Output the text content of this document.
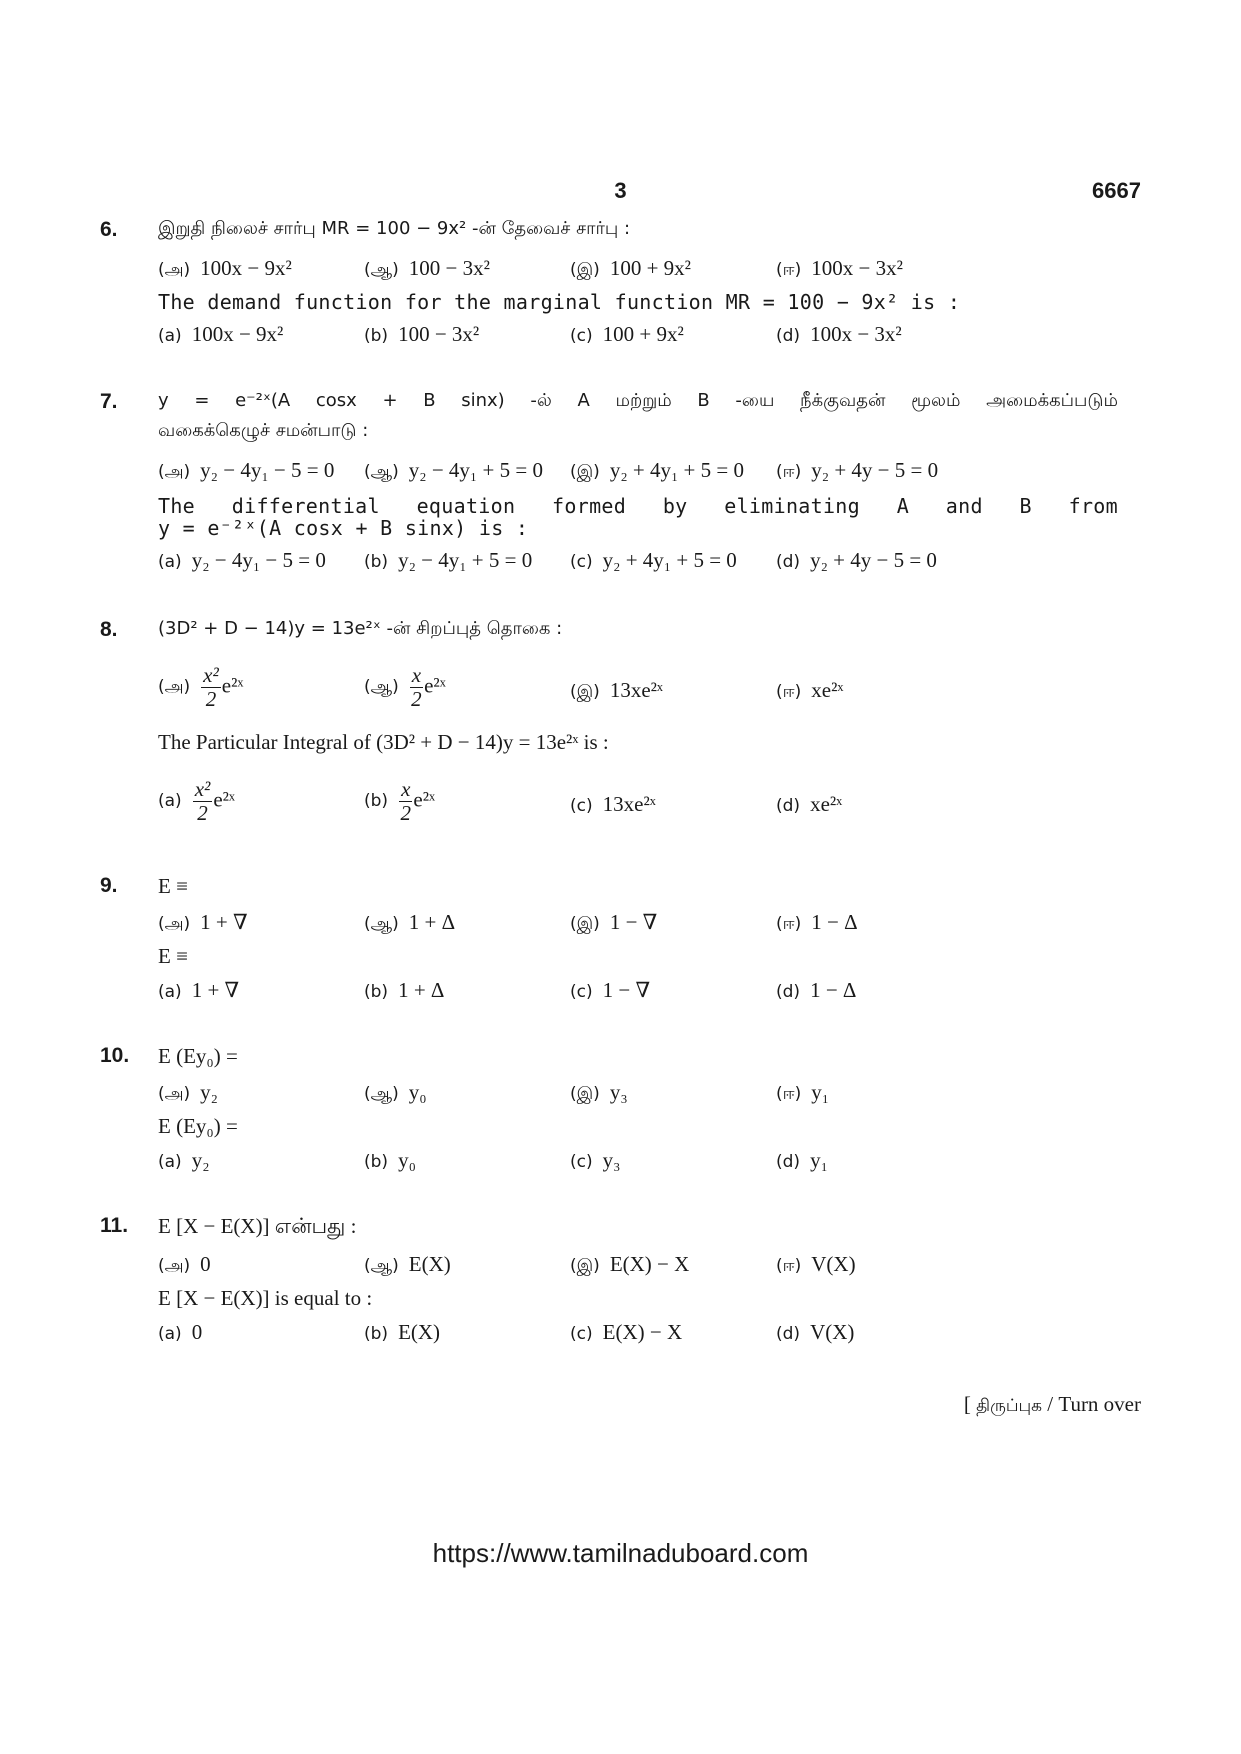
3	6667
6. இறுதி நிலைச் சார்பு MR = 100 − 9x² -ன் தேவைச் சார்பு :
(அ) 100x − 9x²	(ஆ) 100 − 3x²	(இ) 100 + 9x²	(ஈ) 100x − 3x²
The demand function for the marginal function MR = 100 − 9x² is :
(a) 100x − 9x²	(b) 100 − 3x²	(c) 100 + 9x²	(d) 100x − 3x²
7. y = e⁻²ˣ(A cosx + B sinx) -ல் A மற்றும் B -யை நீக்குவதன் மூலம் அமைக்கப்படும்
வகைக்கெழுச் சமன்பாடு :
(அ) y₂ − 4y₁ − 5 = 0 (ஆ) y₂ − 4y₁ + 5 = 0 (இ) y₂ + 4y₁ + 5 = 0 (ஈ) y₂ + 4y − 5 = 0
The differential equation formed by eliminating A and B from
y = e⁻²ˣ(A cosx + B sinx) is :
(a) y₂ − 4y₁ − 5 = 0 (b) y₂ − 4y₁ + 5 = 0 (c) y₂ + 4y₁ + 5 = 0 (d) y₂ + 4y − 5 = 0
8. (3D² + D − 14)y = 13e²ˣ -ன் சிறப்புத் தொகை :
(அ) $\frac{\text{x²}}{2}$ e²ˣ	(ஆ) $\frac{x}{2}$ e²ˣ	(இ) 13xe²ˣ	(ஈ) xe²ˣ
The Particular Integral of (3D² + D − 14)y = 13e²ˣ is :
$(a) \frac{\text{x²}}{2}$ e²ˣ	$(b) \frac{x}{2}$ e²ˣ	(c) 13xe²ˣ	(d) xe²ˣ
9. E ≡
(அ) 1 + ∇	(ஆ) 1 + Δ	(இ) 1 − ∇	(ஈ) 1 − Δ
E ≡
(a) 1 + ∇	(b) 1 + Δ	(c) 1 − ∇	(d) 1 − Δ
10. E (Ey₀) =
(அ) y₂	(ஆ) y₀	(இ) y₃	(ஈ) y₁
E (Ey₀) =
(a) y₂	(b) y₀	(c) y₃	(d) y₁
11. E [X − E(X)] என்பது :
(அ) 0	(ஆ) E(X)	(இ) E(X) − X	(ஈ) V(X)
E [X − E(X)] is equal to :
(a) 0	(b) E(X)	(c) E(X) − X	(d) V(X)
[ திருப்புக / Turn over
https://www.tamilnaduboard.com
